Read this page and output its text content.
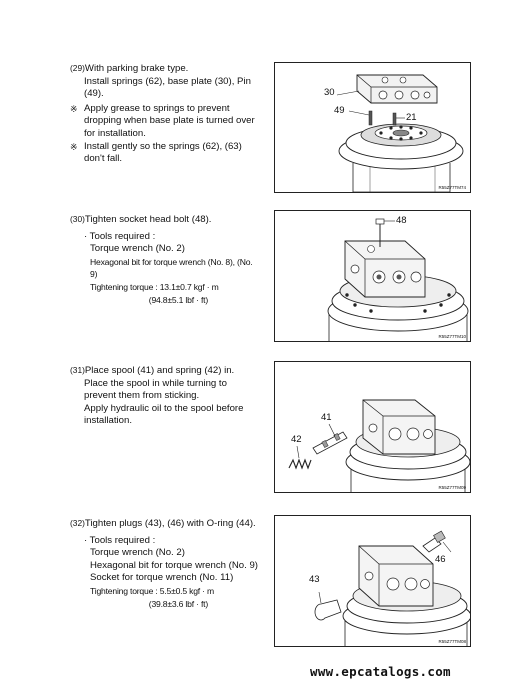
(29)With parking brake type.

Install springs (62), base plate (30), Pin

(49).

※ Apply grease to springs to prevent dropping when base plate is turned over for installation.

※ Install gently so the springs (62), (63) don't fall.

30
49
21
R55Z77TM74

(30)Tighten socket head bolt (48).

· Tools required :

Torque wrench (No. 2)

Hexagonal bit for torque wrench (No. 8), (No. 9)

Tightening torque : 13.1±0.7 kgf · m

(94.8±5.1 lbf · ft)

48
R55Z77TM10

(31)Place spool (41) and spring (42) in.

Place the spool in while turning to prevent them from sticking.

Apply hydraulic oil to the spool before installation.	41
42
R55Z77TM09

(32)Tighten plugs (43), (46) with O-ring (44).

· Tools required :

Torque wrench (No. 2)

Hexagonal bit for torque wrench (No. 9)

Socket for torque wrench (No. 11)

Tightening torque : 5.5±0.5 kgf · m

(39.8±3.6 lbf · ft)

46
43
R55Z77TM08
www.epcatalogs.com
